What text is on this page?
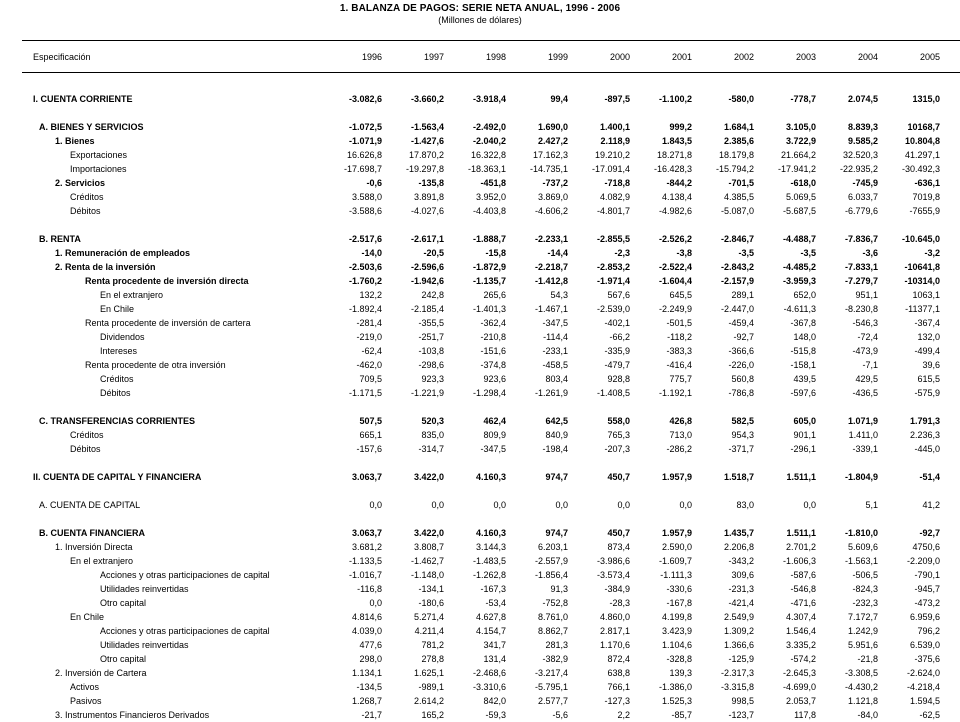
1. BALANZA DE PAGOS: SERIE NETA ANUAL, 1996 - 2006
(Millones de dólares)
Especificación	1996	1997	1998	1999	2000	2001	2002	2003	2004	2005
I. CUENTA CORRIENTE	-3.082,6	-3.660,2	-3.918,4	99,4	-897,5	-1.100,2	-580,0	-778,7	2.074,5	1315,0
A. BIENES Y SERVICIOS	-1.072,5	-1.563,4	-2.492,0	1.690,0	1.400,1	999,2	1.684,1	3.105,0	8.839,3	10168,7
1. Bienes	-1.071,9	-1.427,6	-2.040,2	2.427,2	2.118,9	1.843,5	2.385,6	3.722,9	9.585,2	10.804,8
Exportaciones	16.626,8	17.870,2	16.322,8	17.162,3	19.210,2	18.271,8	18.179,8	21.664,2	32.520,3	41.297,1
Importaciones	-17.698,7	-19.297,8	-18.363,1	-14.735,1	-17.091,4	-16.428,3	-15.794,2	-17.941,2	-22.935,2	-30.492,3
2. Servicios	-0,6	-135,8	-451,8	-737,2	-718,8	-844,2	-701,5	-618,0	-745,9	-636,1
Créditos	3.588,0	3.891,8	3.952,0	3.869,0	4.082,9	4.138,4	4.385,5	5.069,5	6.033,7	7019,8
Débitos	-3.588,6	-4.027,6	-4.403,8	-4.606,2	-4.801,7	-4.982,6	-5.087,0	-5.687,5	-6.779,6	-7655,9
B. RENTA	-2.517,6	-2.617,1	-1.888,7	-2.233,1	-2.855,5	-2.526,2	-2.846,7	-4.488,7	-7.836,7	-10.645,0
1. Remuneración de empleados	-14,0	-20,5	-15,8	-14,4	-2,3	-3,8	-3,5	-3,5	-3,6	-3,2
2. Renta de la inversión	-2.503,6	-2.596,6	-1.872,9	-2.218,7	-2.853,2	-2.522,4	-2.843,2	-4.485,2	-7.833,1	-10641,8
Renta procedente de inversión directa	-1.760,2	-1.942,6	-1.135,7	-1.412,8	-1.971,4	-1.604,4	-2.157,9	-3.959,3	-7.279,7	-10314,0
En el extranjero	132,2	242,8	265,6	54,3	567,6	645,5	289,1	652,0	951,1	1063,1
En Chile	-1.892,4	-2.185,4	-1.401,3	-1.467,1	-2.539,0	-2.249,9	-2.447,0	-4.611,3	-8.230,8	-11377,1
Renta procedente de inversión de cartera	-281,4	-355,5	-362,4	-347,5	-402,1	-501,5	-459,4	-367,8	-546,3	-367,4
Dividendos	-219,0	-251,7	-210,8	-114,4	-66,2	-118,2	-92,7	148,0	-72,4	132,0
Intereses	-62,4	-103,8	-151,6	-233,1	-335,9	-383,3	-366,6	-515,8	-473,9	-499,4
Renta procedente de otra inversión	-462,0	-298,6	-374,8	-458,5	-479,7	-416,4	-226,0	-158,1	-7,1	39,6
Créditos	709,5	923,3	923,6	803,4	928,8	775,7	560,8	439,5	429,5	615,5
Débitos	-1.171,5	-1.221,9	-1.298,4	-1.261,9	-1.408,5	-1.192,1	-786,8	-597,6	-436,5	-575,9
C. TRANSFERENCIAS CORRIENTES	507,5	520,3	462,4	642,5	558,0	426,8	582,5	605,0	1.071,9	1.791,3
Créditos	665,1	835,0	809,9	840,9	765,3	713,0	954,3	901,1	1.411,0	2.236,3
Débitos	-157,6	-314,7	-347,5	-198,4	-207,3	-286,2	-371,7	-296,1	-339,1	-445,0
II. CUENTA DE CAPITAL Y FINANCIERA	3.063,7	3.422,0	4.160,3	974,7	450,7	1.957,9	1.518,7	1.511,1	-1.804,9	-51,4
A. CUENTA DE CAPITAL	0,0	0,0	0,0	0,0	0,0	0,0	83,0	0,0	5,1	41,2
B. CUENTA FINANCIERA	3.063,7	3.422,0	4.160,3	974,7	450,7	1.957,9	1.435,7	1.511,1	-1.810,0	-92,7
1. Inversión Directa	3.681,2	3.808,7	3.144,3	6.203,1	873,4	2.590,0	2.206,8	2.701,2	5.609,6	4750,6
En el extranjero	-1.133,5	-1.462,7	-1.483,5	-2.557,9	-3.986,6	-1.609,7	-343,2	-1.606,3	-1.563,1	-2.209,0
Acciones y otras participaciones de capital	-1.016,7	-1.148,0	-1.262,8	-1.856,4	-3.573,4	-1.111,3	309,6	-587,6	-506,5	-790,1
Utilidades reinvertidas	-116,8	-134,1	-167,3	91,3	-384,9	-330,6	-231,3	-546,8	-824,3	-945,7
Otro capital	0,0	-180,6	-53,4	-752,8	-28,3	-167,8	-421,4	-471,6	-232,3	-473,2
En Chile	4.814,6	5.271,4	4.627,8	8.761,0	4.860,0	4.199,8	2.549,9	4.307,4	7.172,7	6.959,6
Acciones y otras participaciones de capital	4.039,0	4.211,4	4.154,7	8.862,7	2.817,1	3.423,9	1.309,2	1.546,4	1.242,9	796,2
Utilidades reinvertidas	477,6	781,2	341,7	281,3	1.170,6	1.104,6	1.366,6	3.335,2	5.951,6	6.539,0
Otro capital	298,0	278,8	131,4	-382,9	872,4	-328,8	-125,9	-574,2	-21,8	-375,6
2. Inversión de Cartera	1.134,1	1.625,1	-2.468,6	-3.217,4	638,8	139,3	-2.317,3	-2.645,3	-3.308,5	-2.624,0
Activos	-134,5	-989,1	-3.310,6	-5.795,1	766,1	-1.386,0	-3.315,8	-4.699,0	-4.430,2	-4.218,4
Pasivos	1.268,7	2.614,2	842,0	2.577,7	-127,3	1.525,3	998,5	2.053,7	1.121,8	1.594,5
3. Instrumentos Financieros Derivados	-21,7	165,2	-59,3	-5,6	2,2	-85,7	-123,7	117,8	-84,0	-62,5
